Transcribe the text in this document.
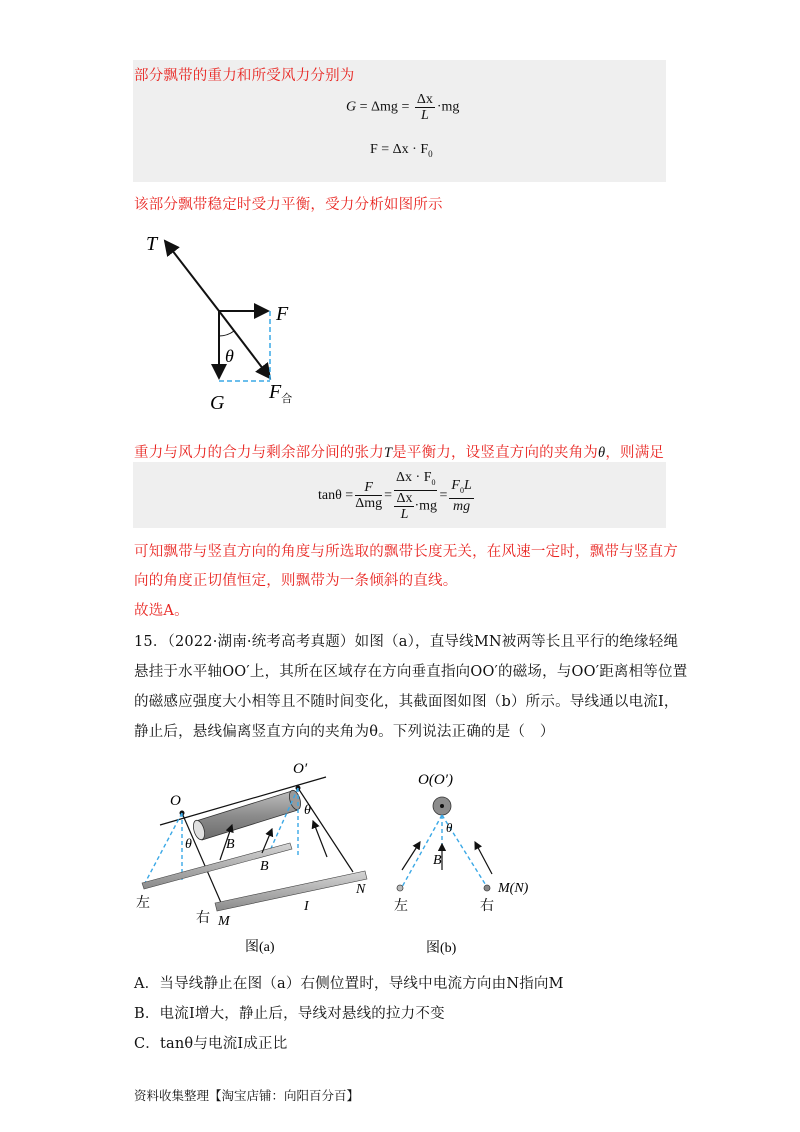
部分飘带的重力和所受风力分别为
$G = \Delta mg = \frac{\Delta x}{L} \cdot mg$
$F = \Delta x \cdot F_0$
该部分飘带稳定时受力平衡，受力分析如图所示
T
F
θ
G $F_合$
重力与风力的合力与剩余部分间的张力T是平衡力，设竖直方向的夹角为θ，则满足
$\tan\theta = \frac{F}{\text{Δmg}} = \frac{\Delta x \cdot F_0}{\frac{\Delta x}{L} \cdot mg} = \frac{F_0L}{mg}$
可知飘带与竖直方向的角度与所选取的飘带长度无关，在风速一定时，飘带与竖直方
向的角度正切值恒定，则飘带为一条倾斜的直线。
故选A。
15．（2022·湖南·统考高考真题）如图（a），直导线MN被两等长且平行的绝缘轻绳
悬挂于水平轴OO′上，其所在区域存在方向垂直指向OO′的磁场，与OO′距离相等位置
的磁感应强度大小相等且不随时间变化，其截面图如图（b）所示。导线通以电流I，
静止后，悬线偏离竖直方向的夹角为θ。下列说法正确的是（　）
O
O′
θ
θ
B
B
左
右 M
I
N
图(a)
O(O′)
θ
B
左	右
M(N)
图(b)
A．当导线静止在图（a）右侧位置时，导线中电流方向由N指向M
B．电流I增大，静止后，导线对悬线的拉力不变
C．tanθ与电流I成正比
资料收集整理【淘宝店铺：向阳百分百】
